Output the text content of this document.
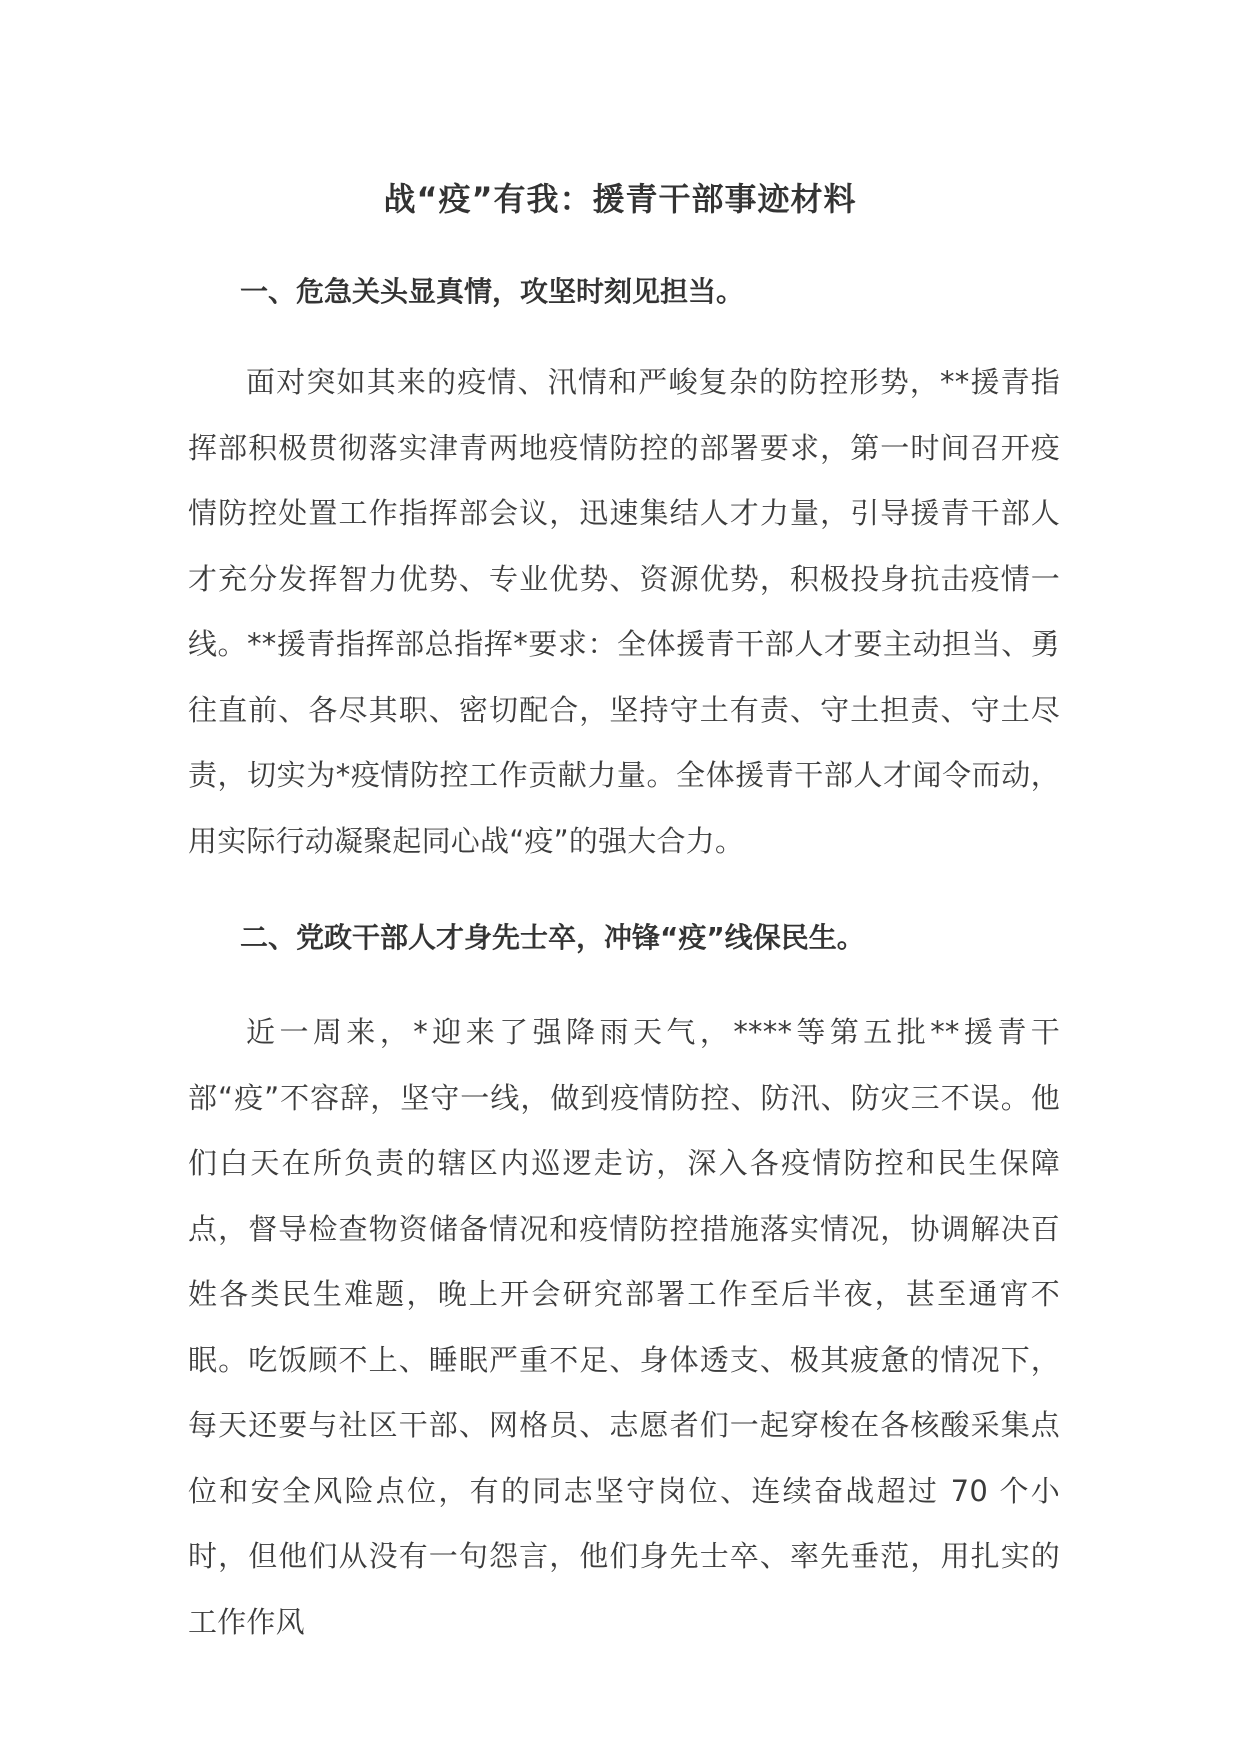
战“疫”有我：援青干部事迹材料
一、危急关头显真情，攻坚时刻见担当。

面对突如其来的疫情、汛情和严峻复杂的防控形势，**援青指挥部积极贯彻落实津青两地疫情防控的部署要求，第一时间召开疫情防控处置工作指挥部会议，迅速集结人才力量，引导援青干部人才充分发挥智力优势、专业优势、资源优势，积极投身抗击疫情一线。**援青指挥部总指挥*要求：全体援青干部人才要主动担当、勇往直前、各尽其职、密切配合，坚持守土有责、守土担责、守土尽责，切实为*疫情防控工作贡献力量。全体援青干部人才闻令而动，用实际行动凝聚起同心战“疫”的强大合力。

二、党政干部人才身先士卒，冲锋“疫”线保民生。

近一周来，*迎来了强降雨天气，****等第五批**援青干部“疫”不容辞，坚守一线，做到疫情防控、防汛、防灾三不误。他们白天在所负责的辖区内巡逻走访，深入各疫情防控和民生保障点，督导检查物资储备情况和疫情防控措施落实情况，协调解决百姓各类民生难题，晚上开会研究部署工作至后半夜，甚至通宵不眠。吃饭顾不上、睡眠严重不足、身体透支、极其疲惫的情况下，每天还要与社区干部、网格员、志愿者们一起穿梭在各核酸采集点位和安全风险点位，有的同志坚守岗位、连续奋战超过 70 个小时，但他们从没有一句怨言，他们身先士卒、率先垂范，用扎实的工作作风
